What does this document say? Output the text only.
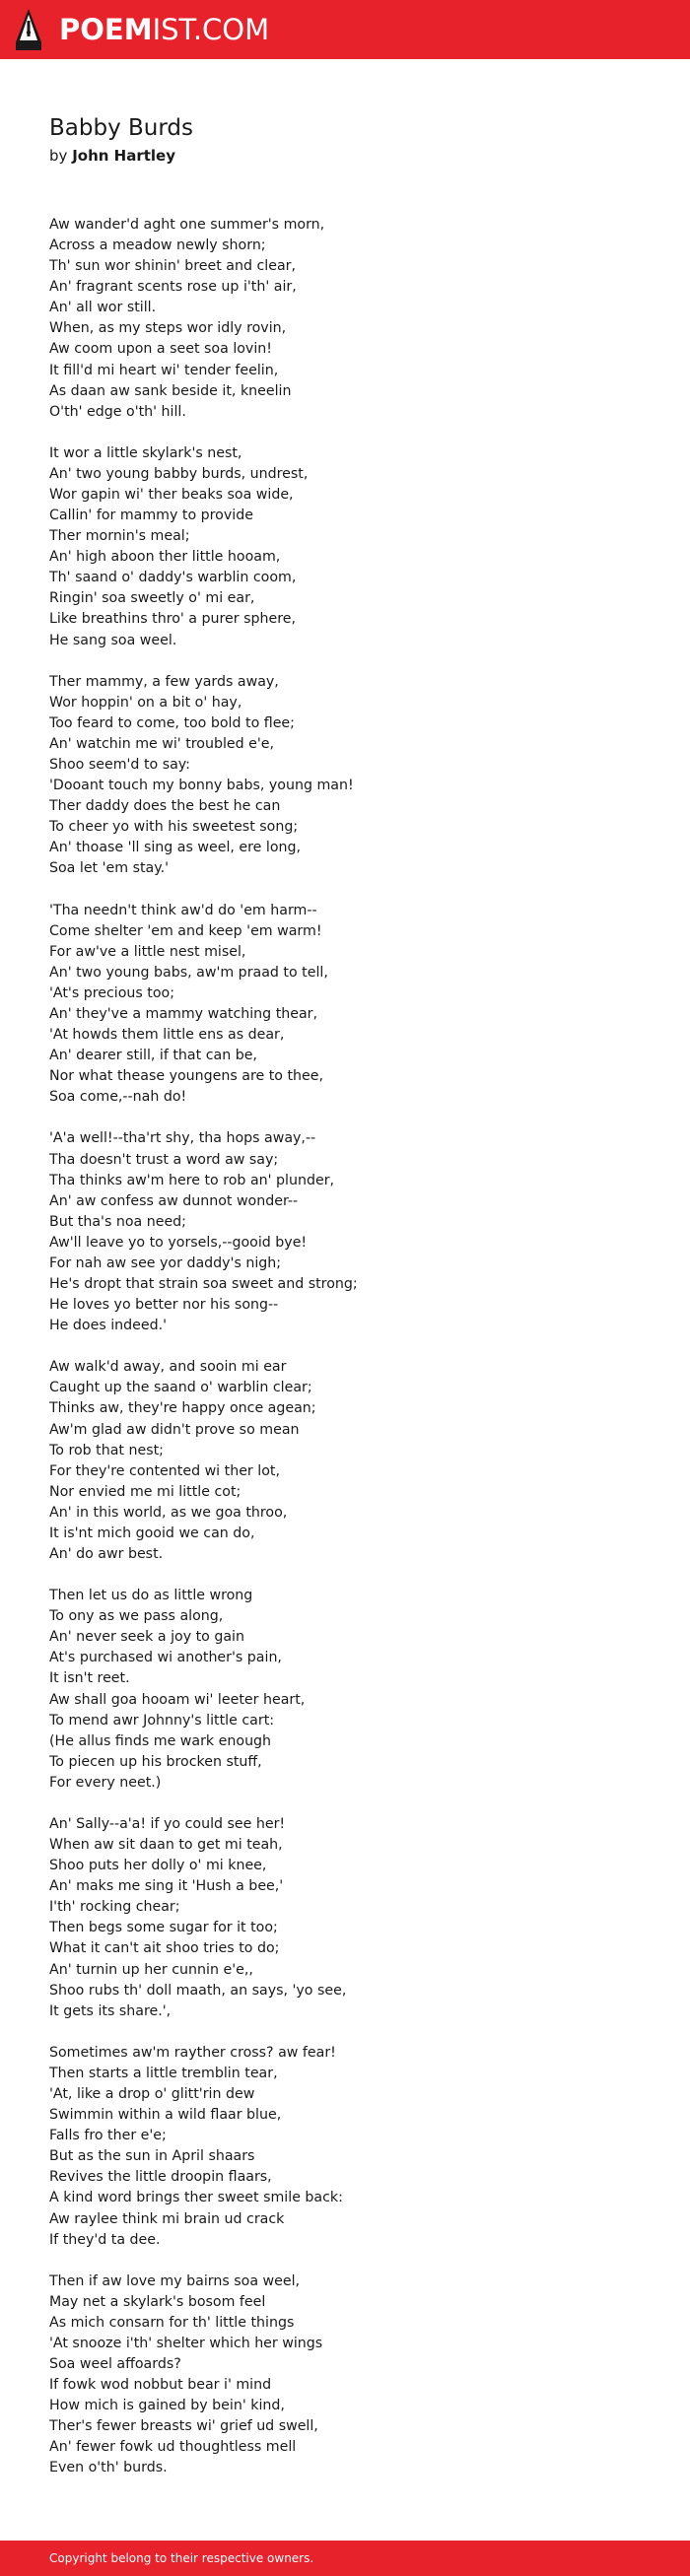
POEM IST.COM
Babby Burds
by John Hartley
Aw wander'd aght one summer's morn,
Across a meadow newly shorn;
Th' sun wor shinin' breet and clear,
An' fragrant scents rose up i'th' air,
An' all wor still.
When, as my steps wor idly rovin,
Aw coom upon a seet soa lovin!
It fill'd mi heart wi' tender feelin,
As daan aw sank beside it, kneelin
O'th' edge o'th' hill.
It wor a little skylark's nest,
An' two young babby burds, undrest,
Wor gapin wi' ther beaks soa wide,
Callin' for mammy to provide
Ther mornin's meal;
An' high aboon ther little hooam,
Th' saand o' daddy's warblin coom,
Ringin' soa sweetly o' mi ear,
Like breathins thro' a purer sphere,
He sang soa weel.
Ther mammy, a few yards away,
Wor hoppin' on a bit o' hay,
Too feard to come, too bold to flee;
An' watchin me wi' troubled e'e,
Shoo seem'd to say:
'Dooant touch my bonny babs, young man!
Ther daddy does the best he can
To cheer yo with his sweetest song;
An' thoase 'll sing as weel, ere long,
Soa let 'em stay.'
'Tha needn't think aw'd do 'em harm--
Come shelter 'em and keep 'em warm!
For aw've a little nest misel,
An' two young babs, aw'm praad to tell,
'At's precious too;
An' they've a mammy watching thear,
'At howds them little ens as dear,
An' dearer still, if that can be,
Nor what thease youngens are to thee,
Soa come,--nah do!
'A'a well!--tha'rt shy, tha hops away,--
Tha doesn't trust a word aw say;
Tha thinks aw'm here to rob an' plunder,
An' aw confess aw dunnot wonder--
But tha's noa need;
Aw'll leave yo to yorsels,--gooid bye!
For nah aw see yor daddy's nigh;
He's dropt that strain soa sweet and strong;
He loves yo better nor his song--
He does indeed.'
Aw walk'd away, and sooin mi ear
Caught up the saand o' warblin clear;
Thinks aw, they're happy once agean;
Aw'm glad aw didn't prove so mean
To rob that nest;
For they're contented wi ther lot,
Nor envied me mi little cot;
An' in this world, as we goa throo,
It is'nt mich gooid we can do,
An' do awr best.
Then let us do as little wrong
To ony as we pass along,
An' never seek a joy to gain
At's purchased wi another's pain,
It isn't reet.
Aw shall goa hooam wi' leeter heart,
To mend awr Johnny's little cart:
(He allus finds me wark enough
To piecen up his brocken stuff,
For every neet.)
An' Sally--a'a! if yo could see her!
When aw sit daan to get mi teah,
Shoo puts her dolly o' mi knee,
An' maks me sing it 'Hush a bee,'
I'th' rocking chear;
Then begs some sugar for it too;
What it can't ait shoo tries to do;
An' turnin up her cunnin e'e,,
Shoo rubs th' doll maath, an says, 'yo see,
It gets its share.',
Sometimes aw'm rayther cross? aw fear!
Then starts a little tremblin tear,
'At, like a drop o' glitt'rin dew
Swimmin within a wild flaar blue,
Falls fro ther e'e;
But as the sun in April shaars
Revives the little droopin flaars,
A kind word brings ther sweet smile back:
Aw raylee think mi brain ud crack
If they'd ta dee.
Then if aw love my bairns soa weel,
May net a skylark's bosom feel
As mich consarn for th' little things
'At snooze i'th' shelter which her wings
Soa weel affoards?
If fowk wod nobbut bear i' mind
How mich is gained by bein' kind,
Ther's fewer breasts wi' grief ud swell,
An' fewer fowk ud thoughtless mell
Even o'th' burds.
Copyright belong to their respective owners.
